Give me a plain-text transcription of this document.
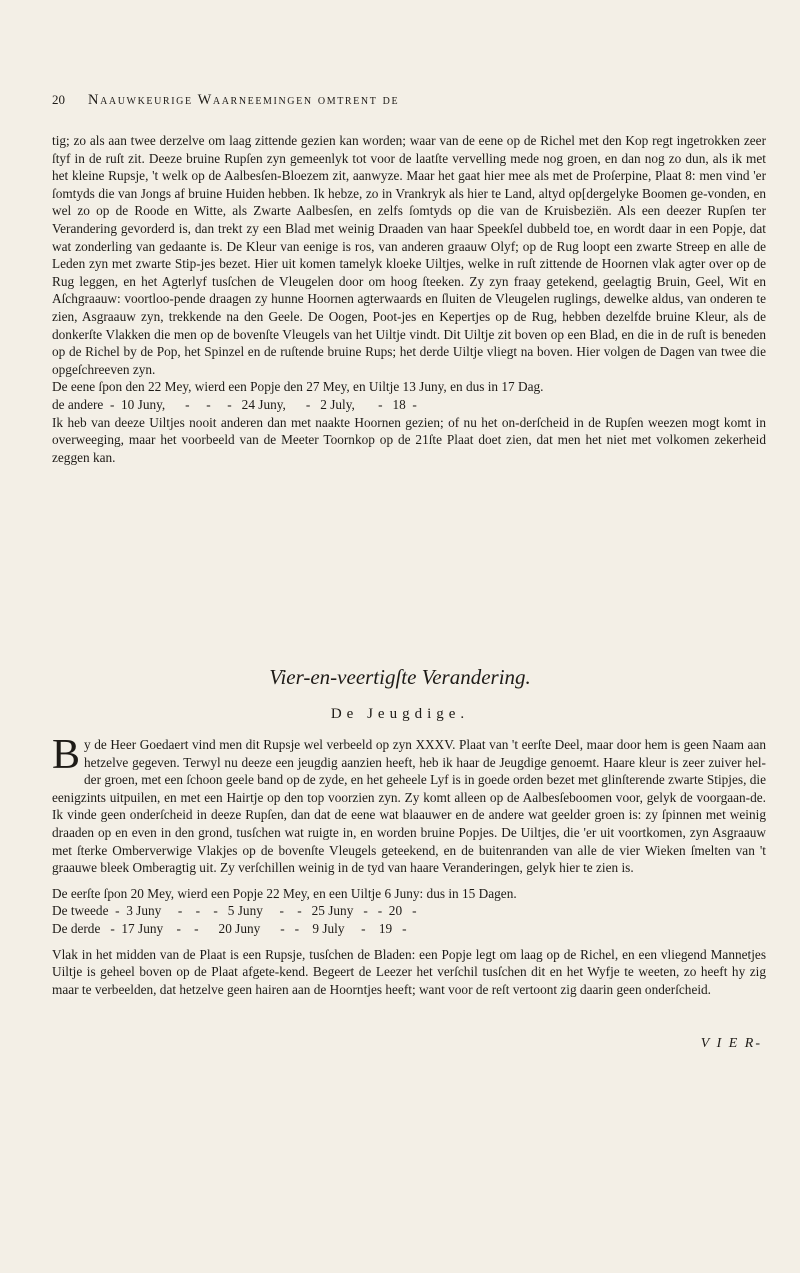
20	Naauwkeurige Waarneemingen omtrent de

tig; zo als aan twee derzelve om laag zittende gezien kan worden; waar van de eene op de Richel met den Kop regt ingetrokken zeer ſtyf in de ruſt zit. Deeze bruine Rupſen zyn gemeenlyk tot voor de laatſte vervelling mede nog groen, en dan nog zo dun, als ik met het kleine Rupsje, 't welk op de Aalbesſen-Bloezem zit, aanwyze. Maar het gaat hier mee als met de Proſerpine, Plaat 8: men vind 'er ſomtyds die van Jongs af bruine Huiden hebben. Ik hebze, zo in Vrankryk als hier te Land, altyd op[dergelyke Boomen ge-vonden, en wel zo op de Roode en Witte, als Zwarte Aalbesſen, en zelfs ſomtyds op die van de Kruisbeziën. Als een deezer Rupſen ter Verandering gevorderd is, dan trekt zy een Blad met weinig Draaden van haar Speekſel dubbeld toe, en wordt daar in een Popje, dat wat zonderling van gedaante is. De Kleur van eenige is ros, van anderen graauw Olyf; op de Rug loopt een zwarte Streep en alle de Leden zyn met zwarte Stip-jes bezet. Hier uit komen tamelyk kloeke Uiltjes, welke in ruſt zittende de Hoornen vlak agter over op de Rug leggen, en het Agterlyf tusſchen de Vleugelen door om hoog ſteeken. Zy zyn fraay getekend, geelagtig Bruin, Geel, Wit en Aſchgraauw: voortloo-pende draagen zy hunne Hoornen agterwaards en ſluiten de Vleugelen ruglings, dewelke aldus, van onderen te zien, Asgraauw zyn, trekkende na den Geele. De Oogen, Poot-jes en Kepertjes op de Rug, hebben dezelfde bruine Kleur, als de donkerſte Vlakken die men op de bovenſte Vleugels van het Uiltje vindt. Dit Uiltje zit boven op een Blad, en die in de ruſt is beneden op de Richel by de Pop, het Spinzel en de ruſtende bruine Rups; het derde Uiltje vliegt na boven. Hier volgen de Dagen van twee die opgeſchreeven zyn.

De eene ſpon den 22 Mey, wierd een Popje den 27 Mey, en Uiltje 13 Juny, en dus in 17 Dag.
de andere  -  10 Juny,      -     -     -   24 Juny,      -   2 July,       -   18  -

Ik heb van deeze Uiltjes nooit anderen dan met naakte Hoornen gezien; of nu het on-derſcheid in de Rupſen weezen mogt komt in overweeging, maar het voorbeeld van de Meeter Toornkop op de 21ſte Plaat doet zien, dat men het niet met volkomen zekerheid zeggen kan.

Vier-en-veertigſte Verandering.
De Jeugdige.

By de Heer Goedaert vind men dit Rupsje wel verbeeld op zyn XXXV. Plaat van 't eerſte Deel, maar door hem is geen Naam aan hetzelve gegeven. Terwyl nu deeze een jeugdig aanzien heeft, heb ik haar de Jeugdige genoemt. Haare kleur is zeer zuiver hel-der groen, met een ſchoon geele band op de zyde, en het geheele Lyf is in goede orden bezet met glinſterende zwarte Stipjes, die eenigzints uitpuilen, en met een Hairtje op den top voorzien zyn. Zy komt alleen op de Aalbesſeboomen voor, gelyk de voorgaan-de. Ik vinde geen onderſcheid in deeze Rupſen, dan dat de eene wat blaauwer en de andere wat geelder groen is: zy ſpinnen met weinig draaden op en even in den grond, tusſchen wat ruigte in, en worden bruine Popjes. De Uiltjes, die 'er uit voortkomen, zyn Asgraauw met ſterke Omberverwige Vlakjes op de bovenſte Vleugels geteekend, en de buitenranden van alle de vier Wieken ſmelten van 't graauwe bleek Omberagtig uit. Zy verſchillen weinig in de tyd van haare Veranderingen, gelyk hier te zien is.

De eerſte ſpon 20 Mey, wierd een Popje 22 Mey, en een Uiltje 6 Juny: dus in 15 Dagen.
De tweede  -  3 Juny     -    -    -   5 Juny     -    -   25 Juny   -   -  20   -
De derde   -  17 Juny    -    -      20 Juny      -   -    9 July     -    19   -

Vlak in het midden van de Plaat is een Rupsje, tusſchen de Bladen: een Popje legt om laag op de Richel, en een vliegend Mannetjes Uiltje is geheel boven op de Plaat afgete-kend. Begeert de Leezer het verſchil tusſchen dit en het Wyfje te weeten, zo heeft hy zig maar te verbeelden, dat hetzelve geen hairen aan de Hoorntjes heeft; want voor de reſt vertoont zig daarin geen onderſcheid.

V I E R-
